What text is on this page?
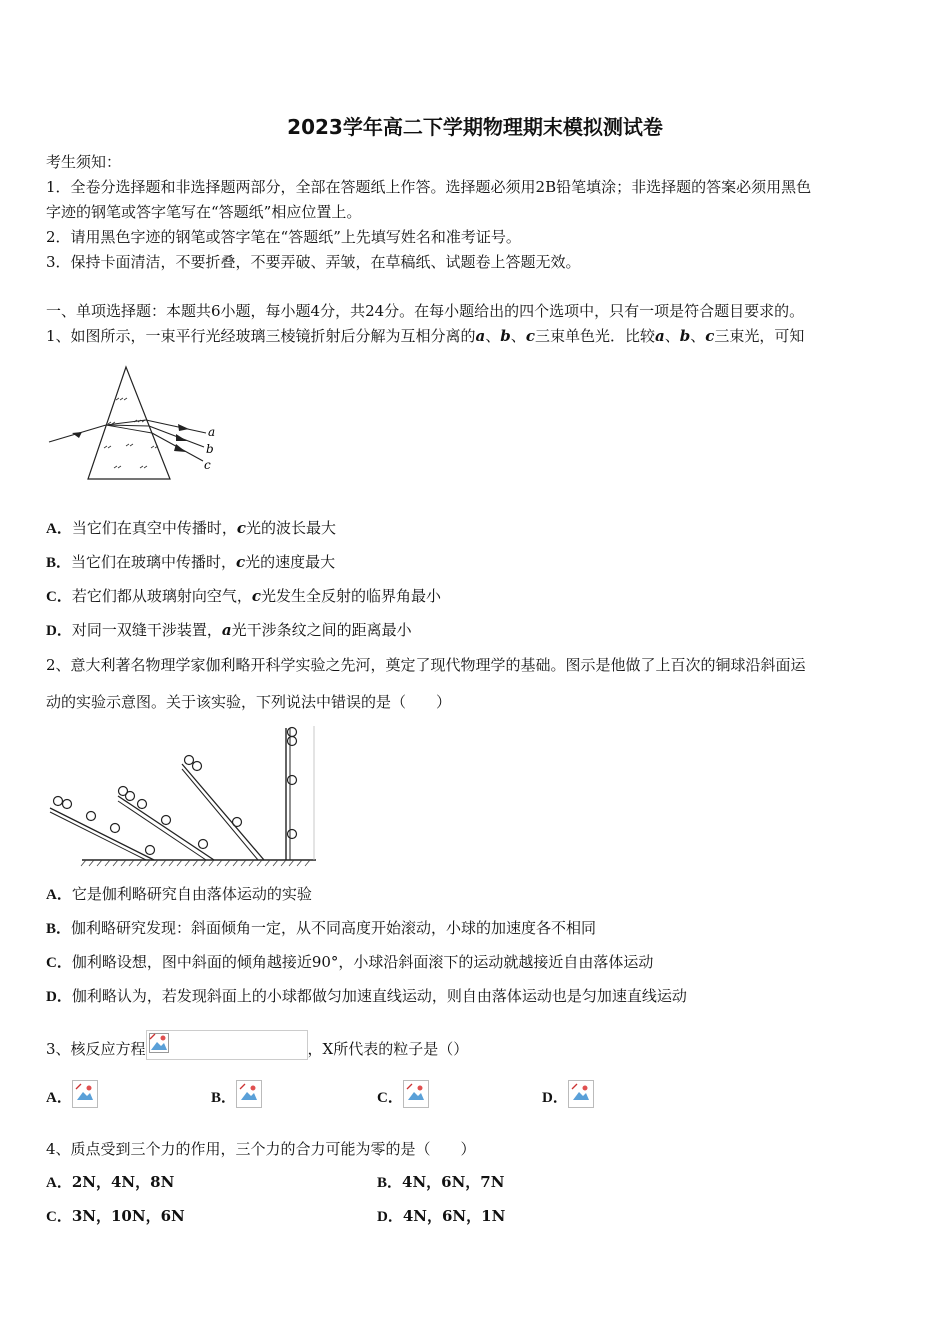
2023学年高二下学期物理期末模拟测试卷
考生须知：
1．全卷分选择题和非选择题两部分，全部在答题纸上作答。选择题必须用2B铅笔填涂；非选择题的答案必须用黑色
字迹的钢笔或答字笔写在“答题纸”相应位置上。
2．请用黑色字迹的钢笔或答字笔在“答题纸”上先填写姓名和准考证号。
3．保持卡面清洁，不要折叠，不要弄破、弄皱，在草稿纸、试题卷上答题无效。
一、单项选择题：本题共6小题，每小题4分，共24分。在每小题给出的四个选项中，只有一项是符合题目要求的。
1、如图所示，一束平行光经玻璃三棱镜折射后分解为互相分离的a、b、c三束单色光．比较a、b、c三束光，可知
a
b
c
A．当它们在真空中传播时，c光的波长最大
B．当它们在玻璃中传播时，c光的速度最大
C．若它们都从玻璃射向空气，c光发生全反射的临界角最小
D．对同一双缝干涉装置，a光干涉条纹之间的距离最小
2、意大利著名物理学家伽利略开科学实验之先河，奠定了现代物理学的基础。图示是他做了上百次的铜球沿斜面运
动的实验示意图。关于该实验，下列说法中错误的是（　　）
A．它是伽利略研究自由落体运动的实验
B．伽利略研究发现：斜面倾角一定，从不同高度开始滚动，小球的加速度各不相同
C．伽利略设想，图中斜面的倾角越接近90°，小球沿斜面滚下的运动就越接近自由落体运动
D．伽利略认为，若发现斜面上的小球都做匀加速直线运动，则自由落体运动也是匀加速直线运动
3、核反应方程	，X所代表的粒子是（）
A．	B．	C．	D．
4、质点受到三个力的作用，三个力的合力可能为零的是（　　）
A．2N，4N，8N	B．4N，6N，7N
C．3N，10N，6N	D．4N，6N，1N
